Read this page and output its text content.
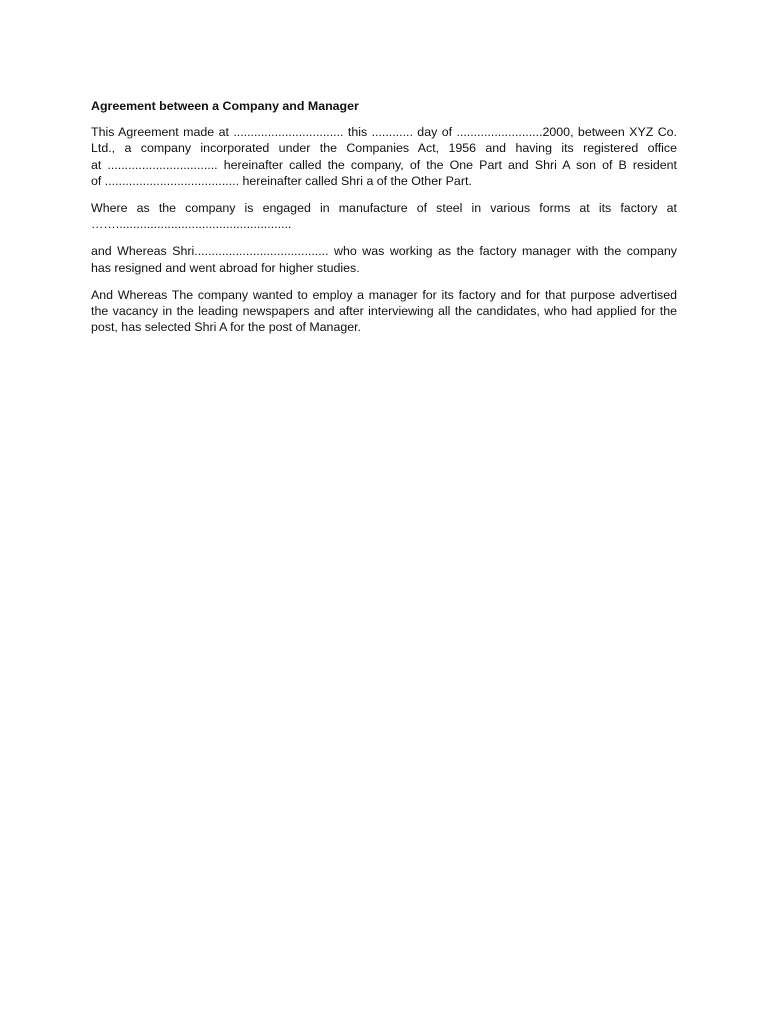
Agreement between a Company and Manager

This Agreement made at ................................ this ............ day of .........................2000, between XYZ Co.
Ltd., a company incorporated under the Companies Act, 1956 and having its registered office
at ................................ hereinafter called the company, of the One Part and Shri A son of B resident
of ....................................... hereinafter called Shri a of the Other Part.

Where as the company is engaged in manufacture of steel in various forms at its factory at
……...................................................

and Whereas Shri....................................... who was working as the factory manager with the company
has resigned and went abroad for higher studies.

And Whereas The company wanted to employ a manager for its factory and for that purpose advertised
the vacancy in the leading newspapers and after interviewing all the candidates, who had applied for the
post, has selected Shri A for the post of Manager.
